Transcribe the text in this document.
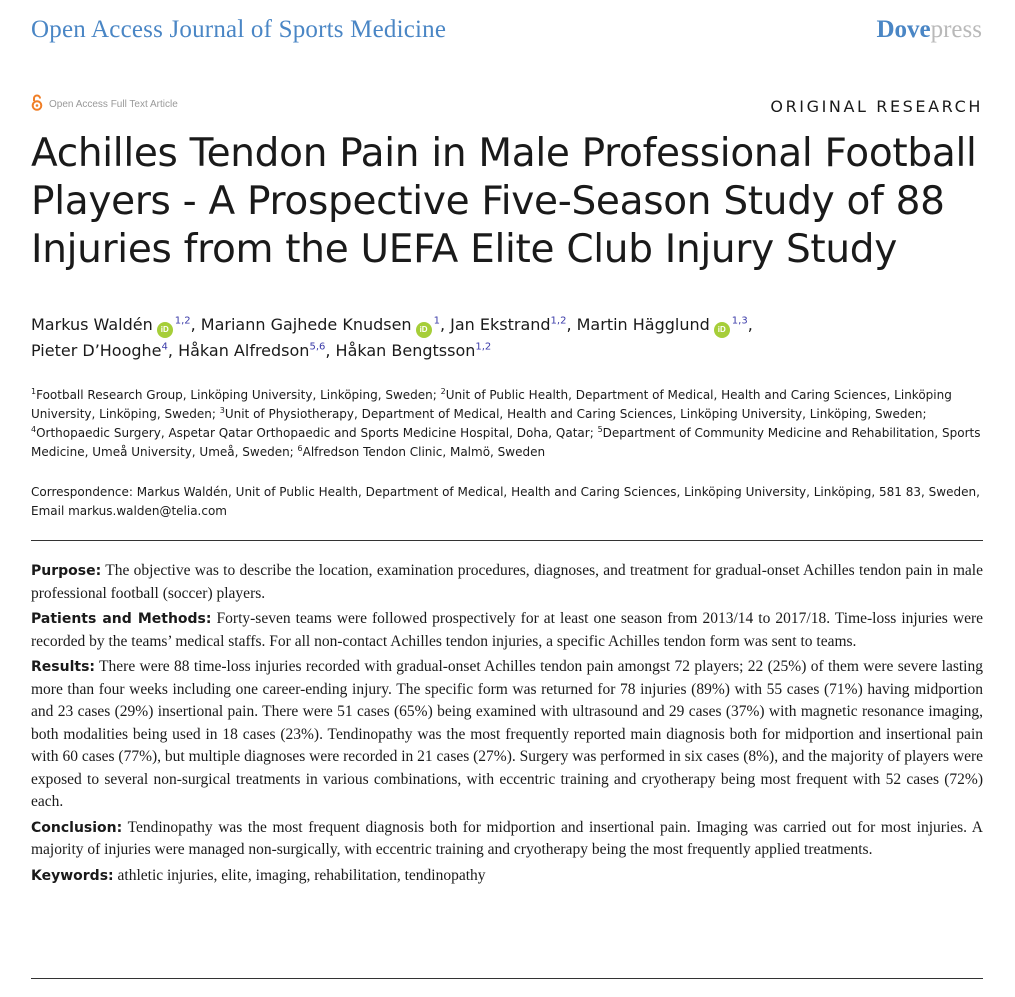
Open Access Journal of Sports Medicine	Dovepress
Open Access Full Text Article	ORIGINAL RESEARCH
Achilles Tendon Pain in Male Professional Football Players - A Prospective Five-Season Study of 88 Injuries from the UEFA Elite Club Injury Study
Markus Waldén iD$^{1,2}$, Mariann Gajhede Knudsen $iD^1$, Jan Ekstrand$^{1,2}$, Martin Hägglund iD$^{1,3}$,
Pieter D’Hooghe$^4$, Håkan Alfredson$^{5,6}$, Håkan Bengtsson$^{1,2}$
$^1$Football Research Group, Linköping University, Linköping, Sweden; $^2$Unit of Public Health, Department of Medical, Health and Caring Sciences, Linköping University, Linköping, Sweden; $^3$Unit of Physiotherapy, Department of Medical, Health and Caring Sciences, Linköping University, Linköping, Sweden; $^4$Orthopaedic Surgery, Aspetar Qatar Orthopaedic and Sports Medicine Hospital, Doha, Qatar; $^5$Department of Community Medicine and Rehabilitation, Sports Medicine, Umeå University, Umeå, Sweden; $^6$Alfredson Tendon Clinic, Malmö, Sweden
Correspondence: Markus Waldén, Unit of Public Health, Department of Medical, Health and Caring Sciences, Linköping University, Linköping, 581 83, Sweden, Email markus.walden@telia.com

Purpose: The objective was to describe the location, examination procedures, diagnoses, and treatment for gradual-onset Achilles tendon pain in male professional football (soccer) players.

Patients and Methods: Forty-seven teams were followed prospectively for at least one season from 2013/14 to 2017/18. Time-loss injuries were recorded by the teams’ medical staffs. For all non-contact Achilles tendon injuries, a specific Achilles tendon form was sent to teams.

Results: There were 88 time-loss injuries recorded with gradual-onset Achilles tendon pain amongst 72 players; 22 (25%) of them were severe lasting more than four weeks including one career-ending injury. The specific form was returned for 78 injuries (89%) with 55 cases (71%) having midportion and 23 cases (29%) insertional pain. There were 51 cases (65%) being examined with ultrasound and 29 cases (37%) with magnetic resonance imaging, both modalities being used in 18 cases (23%). Tendinopathy was the most frequently reported main diagnosis both for midportion and insertional pain with 60 cases (77%), but multiple diagnoses were recorded in 21 cases (27%). Surgery was performed in six cases (8%), and the majority of players were exposed to several non-surgical treatments in various combinations, with eccentric training and cryotherapy being most frequent with 52 cases (72%) each.

Conclusion: Tendinopathy was the most frequent diagnosis both for midportion and insertional pain. Imaging was carried out for most injuries. A majority of injuries were managed non-surgically, with eccentric training and cryotherapy being the most frequently applied treatments.

Keywords: athletic injuries, elite, imaging, rehabilitation, tendinopathy
